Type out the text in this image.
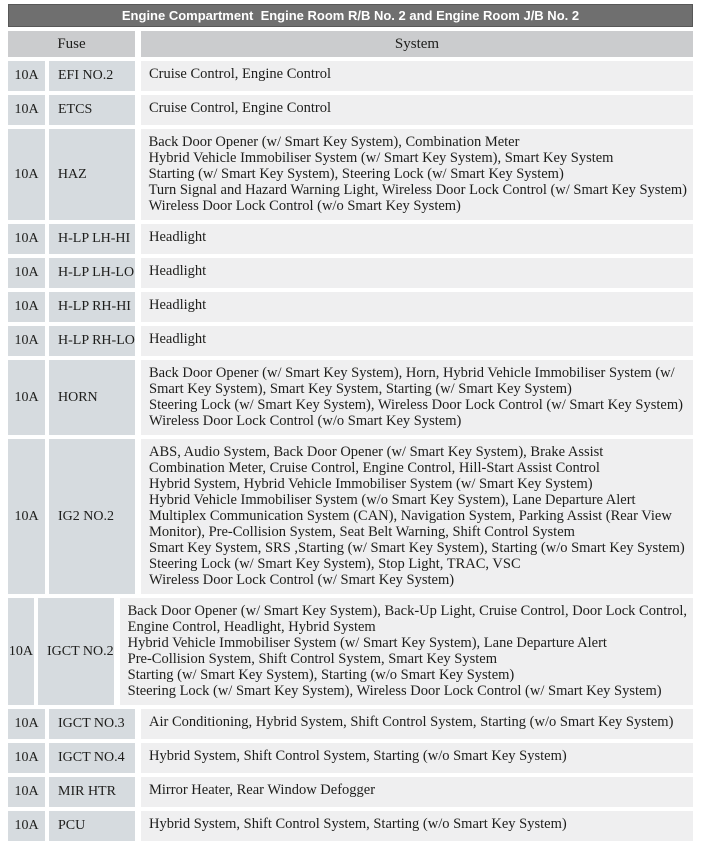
Engine Compartment  Engine Room R/B No. 2 and Engine Room J/B No. 2
Fuse	System
10A	EFI NO.2	Cruise Control, Engine Control
10A	ETCS	Cruise Control, Engine Control
10A	HAZ
Back Door Opener (w/ Smart Key System), Combination Meter
Hybrid Vehicle Immobiliser System (w/ Smart Key System), Smart Key System
Starting (w/ Smart Key System), Steering Lock (w/ Smart Key System)
Turn Signal and Hazard Warning Light, Wireless Door Lock Control (w/ Smart Key System)
Wireless Door Lock Control (w/o Smart Key System)
10A	H-LP LH-HI	Headlight
10A	H-LP LH-LO Headlight
10A	H-LP RH-HI Headlight
10A	H-LP RH-LO Headlight
10A	HORN
Back Door Opener (w/ Smart Key System), Horn, Hybrid Vehicle Immobiliser System (w/
Smart Key System), Smart Key System, Starting (w/ Smart Key System)
Steering Lock (w/ Smart Key System), Wireless Door Lock Control (w/ Smart Key System)
Wireless Door Lock Control (w/o Smart Key System)
10A	IG2 NO.2
ABS, Audio System, Back Door Opener (w/ Smart Key System), Brake Assist
Combination Meter, Cruise Control, Engine Control, Hill-Start Assist Control
Hybrid System, Hybrid Vehicle Immobiliser System (w/ Smart Key System)
Hybrid Vehicle Immobiliser System (w/o Smart Key System), Lane Departure Alert
Multiplex Communication System (CAN), Navigation System, Parking Assist (Rear View
Monitor), Pre-Collision System, Seat Belt Warning, Shift Control System
Smart Key System, SRS ,Starting (w/ Smart Key System), Starting (w/o Smart Key System)
Steering Lock (w/ Smart Key System), Stop Light, TRAC, VSC
Wireless Door Lock Control (w/ Smart Key System)
10A IGCT NO.2
Back Door Opener (w/ Smart Key System), Back-Up Light, Cruise Control, Door Lock Control,
Engine Control, Headlight, Hybrid System
Hybrid Vehicle Immobiliser System (w/ Smart Key System), Lane Departure Alert
Pre-Collision System, Shift Control System, Smart Key System
Starting (w/ Smart Key System), Starting (w/o Smart Key System)
Steering Lock (w/ Smart Key System), Wireless Door Lock Control (w/ Smart Key System)
10A	IGCT NO.3	Air Conditioning, Hybrid System, Shift Control System, Starting (w/o Smart Key System)
10A	IGCT NO.4	Hybrid System, Shift Control System, Starting (w/o Smart Key System)
10A	MIR HTR	Mirror Heater, Rear Window Defogger
10A	PCU	Hybrid System, Shift Control System, Starting (w/o Smart Key System)
